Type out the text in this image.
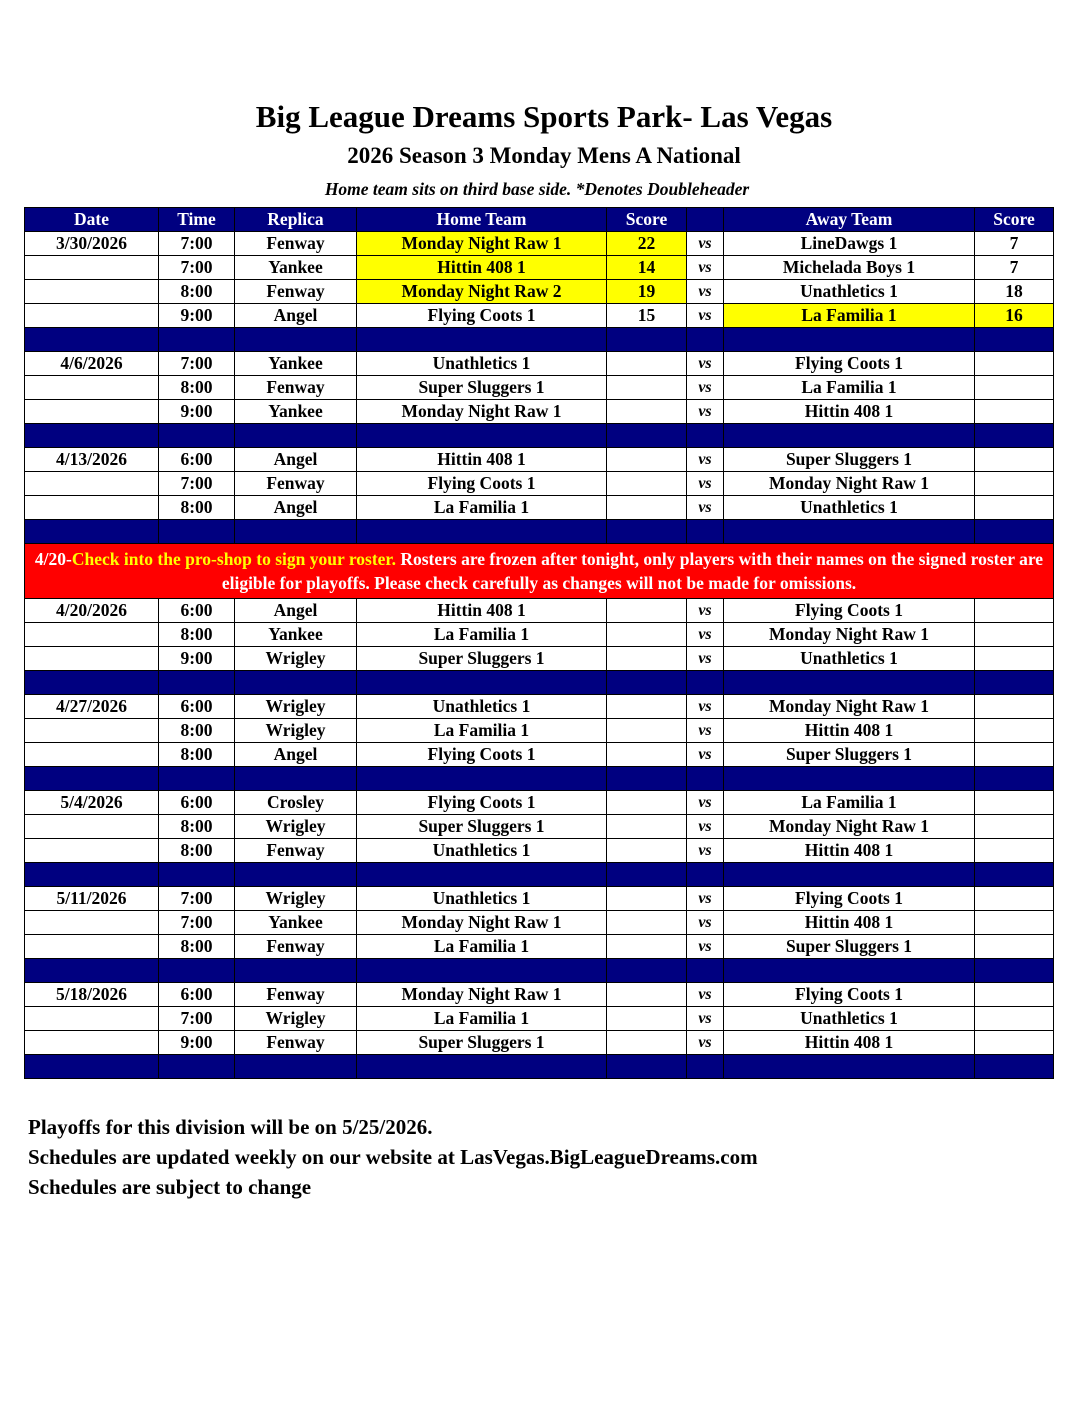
Big League Dreams Sports Park- Las Vegas
2026 Season 3 Monday Mens A National
Home team sits on third base side. *Denotes Doubleheader
Date	Time	Replica	Home Team	Score		Away Team	Score
3/30/2026	7:00	Fenway	Monday Night Raw 1	22	vs	LineDawgs 1	7
	7:00	Yankee	Hittin 408 1	14	vs	Michelada Boys 1	7
	8:00	Fenway	Monday Night Raw 2	19	vs	Unathletics 1	18
	9:00	Angel	Flying Coots 1	15	vs	La Familia 1	16

4/6/2026	7:00	Yankee	Unathletics 1		vs	Flying Coots 1	
	8:00	Fenway	Super Sluggers 1		vs	La Familia 1	
	9:00	Yankee	Monday Night Raw 1		vs	Hittin 408 1	

4/13/2026	6:00	Angel	Hittin 408 1		vs	Super Sluggers 1	
	7:00	Fenway	Flying Coots 1		vs	Monday Night Raw 1	
	8:00	Angel	La Familia 1		vs	Unathletics 1	

4/20-Check into the pro-shop to sign your roster. Rosters are frozen after tonight, only players with their names on the signed roster are eligible for playoffs. Please check carefully as changes will not be made for omissions.							
4/20/2026	6:00	Angel	Hittin 408 1		vs	Flying Coots 1	
	8:00	Yankee	La Familia 1		vs	Monday Night Raw 1	
	9:00	Wrigley	Super Sluggers 1		vs	Unathletics 1	

4/27/2026	6:00	Wrigley	Unathletics 1		vs	Monday Night Raw 1	
	8:00	Wrigley	La Familia 1		vs	Hittin 408 1	
	8:00	Angel	Flying Coots 1		vs	Super Sluggers 1	

5/4/2026	6:00	Crosley	Flying Coots 1		vs	La Familia 1	
	8:00	Wrigley	Super Sluggers 1		vs	Monday Night Raw 1	
	8:00	Fenway	Unathletics 1		vs	Hittin 408 1	

5/11/2026	7:00	Wrigley	Unathletics 1		vs	Flying Coots 1	
	7:00	Yankee	Monday Night Raw 1		vs	Hittin 408 1	
	8:00	Fenway	La Familia 1		vs	Super Sluggers 1	

5/18/2026	6:00	Fenway	Monday Night Raw 1		vs	Flying Coots 1	
	7:00	Wrigley	La Familia 1		vs	Unathletics 1	
	9:00	Fenway	Super Sluggers 1		vs	Hittin 408 1	

Playoffs for this division will be on 5/25/2026.
Schedules are updated weekly on our website at LasVegas.BigLeagueDreams.com
Schedules are subject to change
